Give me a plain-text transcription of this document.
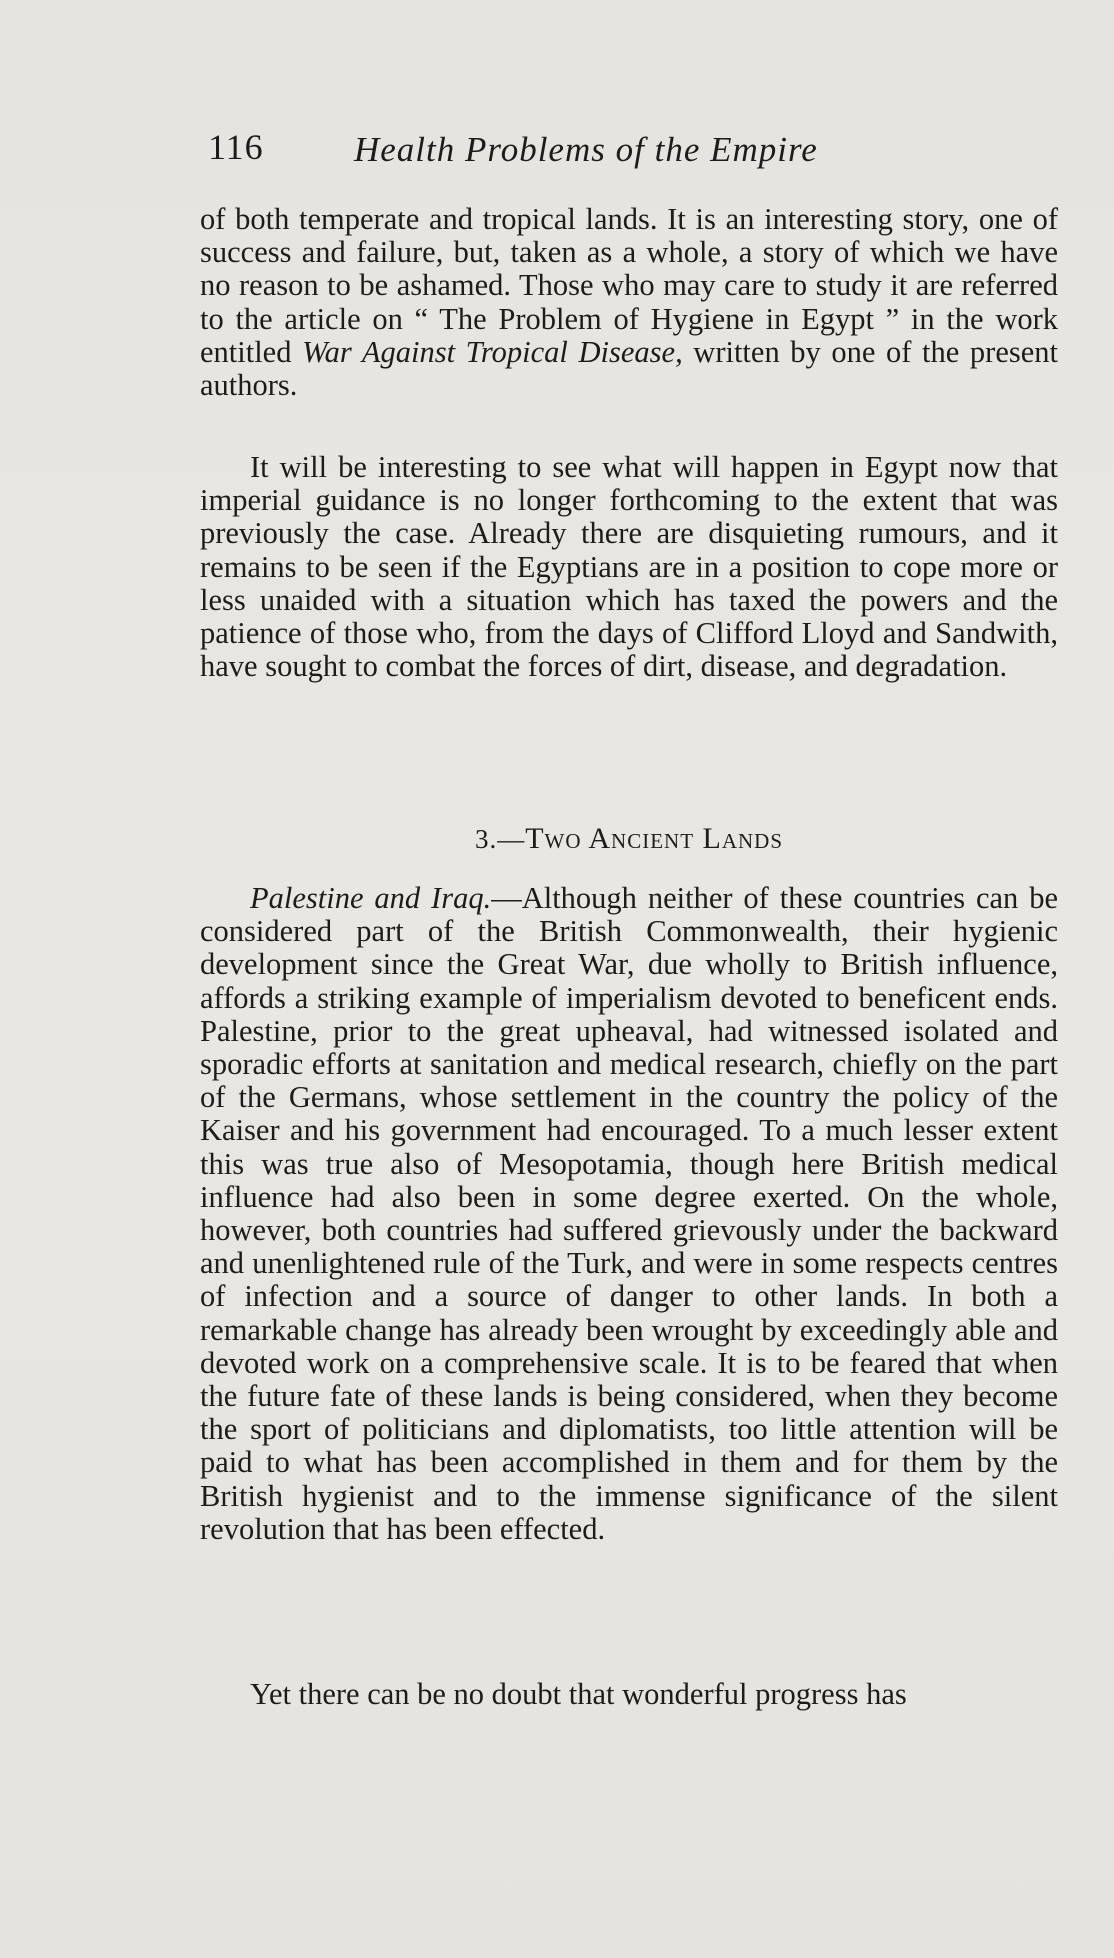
116	Health Problems of the Empire

of both temperate and tropical lands. It is an interesting story, one of success and failure, but, taken as a whole, a story of which we have no reason to be ashamed. Those who may care to study it are referred to the article on “ The Problem of Hygiene in Egypt ” in the work entitled War Against Tropical Disease, written by one of the present authors.

It will be interesting to see what will happen in Egypt now that imperial guidance is no longer forthcoming to the extent that was previously the case. Already there are disquieting rumours, and it remains to be seen if the Egyptians are in a position to cope more or less unaided with a situation which has taxed the powers and the patience of those who, from the days of Clifford Lloyd and Sandwith, have sought to combat the forces of dirt, disease, and degradation.

3.—Two Ancient Lands

Palestine and Iraq.—Although neither of these countries can be considered part of the British Commonwealth, their hygienic development since the Great War, due wholly to British influence, affords a striking example of imperialism devoted to beneficent ends. Palestine, prior to the great upheaval, had witnessed isolated and sporadic efforts at sanitation and medical research, chiefly on the part of the Germans, whose settlement in the country the policy of the Kaiser and his government had encouraged. To a much lesser extent this was true also of Mesopotamia, though here British medical influence had also been in some degree exerted. On the whole, however, both countries had suffered grievously under the backward and unenlightened rule of the Turk, and were in some respects centres of infection and a source of danger to other lands. In both a remarkable change has already been wrought by exceedingly able and devoted work on a comprehensive scale. It is to be feared that when the future fate of these lands is being considered, when they become the sport of politicians and diplomatists, too little attention will be paid to what has been accomplished in them and for them by the British hygienist and to the immense significance of the silent revolution that has been effected.

Yet there can be no doubt that wonderful progress has
